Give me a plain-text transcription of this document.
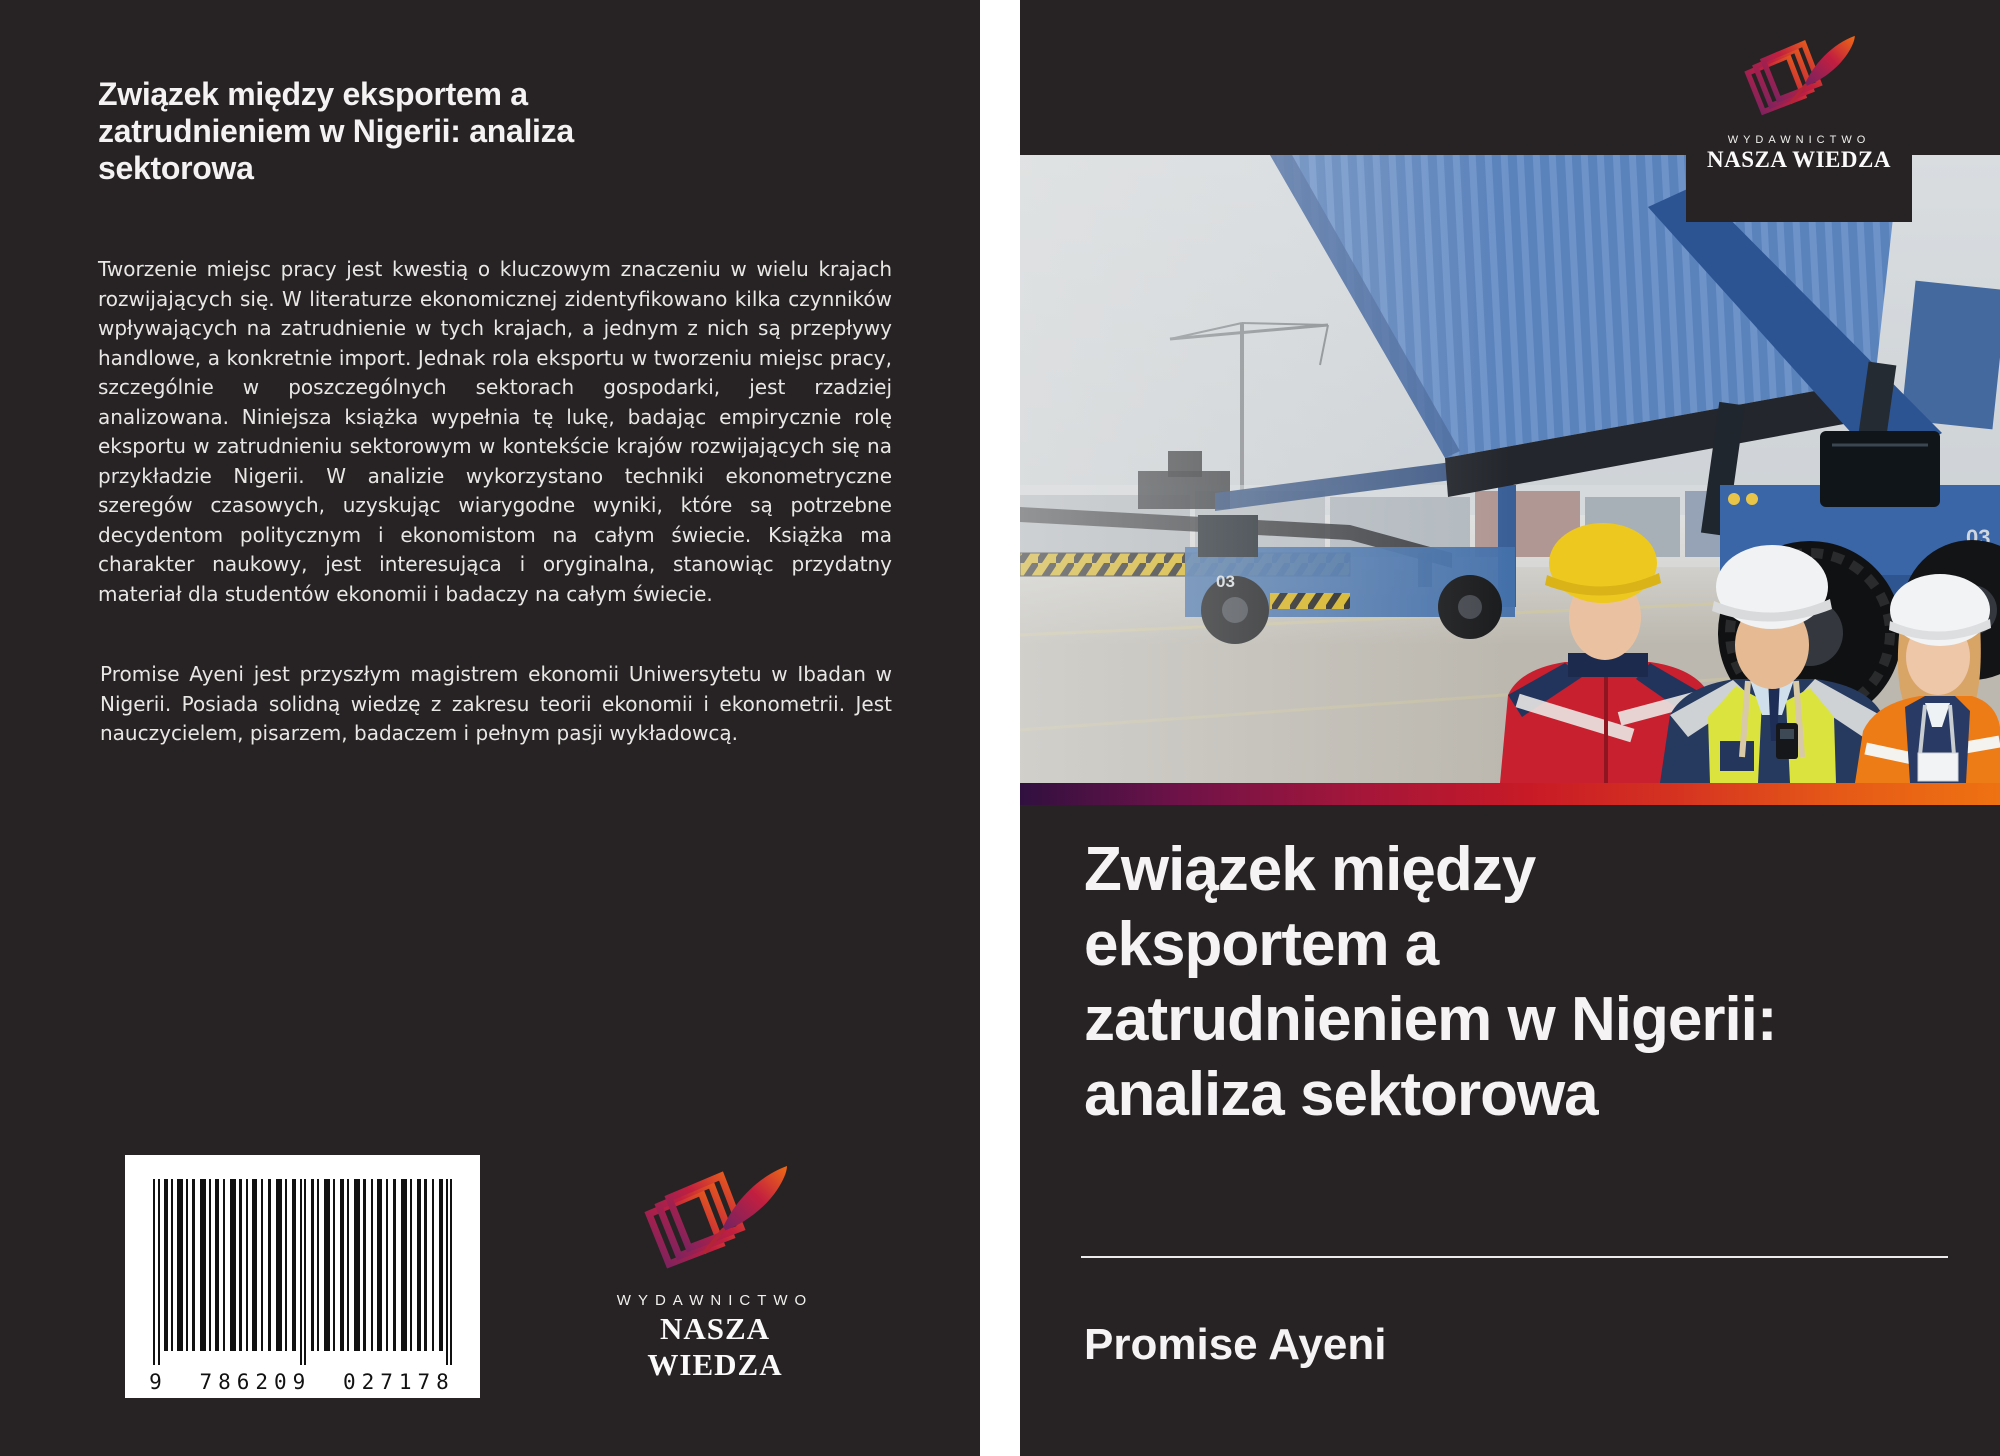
Związek między eksportem a
zatrudnieniem w Nigerii: analiza
sektorowa

Tworzenie miejsc pracy jest kwestią o kluczowym znaczeniu w wielu krajach rozwijających się. W literaturze ekonomicznej zidentyfikowano kilka czynników wpływających na zatrudnienie w tych krajach, a jednym z nich są przepływy handlowe, a konkretnie import. Jednak rola eksportu w tworzeniu miejsc pracy, szczególnie w poszczególnych sektorach gospodarki, jest rzadziej analizowana. Niniejsza książka wypełnia tę lukę, badając empirycznie rolę eksportu w zatrudnieniu sektorowym w kontekście krajów rozwijających się na przykładzie Nigerii. W analizie wykorzystano techniki ekonometryczne szeregów czasowych, uzyskując wiarygodne wyniki, które są potrzebne decydentom politycznym i ekonomistom na całym świecie. Książka ma charakter naukowy, jest interesująca i oryginalna, stanowiąc przydatny materiał dla studentów ekonomii i badaczy na całym świecie.

Promise Ayeni jest przyszłym magistrem ekonomii Uniwersytetu w Ibadan w Nigerii. Posiada solidną wiedzę z zakresu teorii ekonomii i ekonometrii. Jest nauczycielem, pisarzem, badaczem i pełnym pasji wykładowcą.

9 786209 027178
WYDAWNICTWO
NASZA WIEDZA
WYDAWNICTWO
NASZA WIEDZA
Związek między
eksportem a
zatrudnieniem w Nigerii:
analiza sektorowa
Promise Ayeni
